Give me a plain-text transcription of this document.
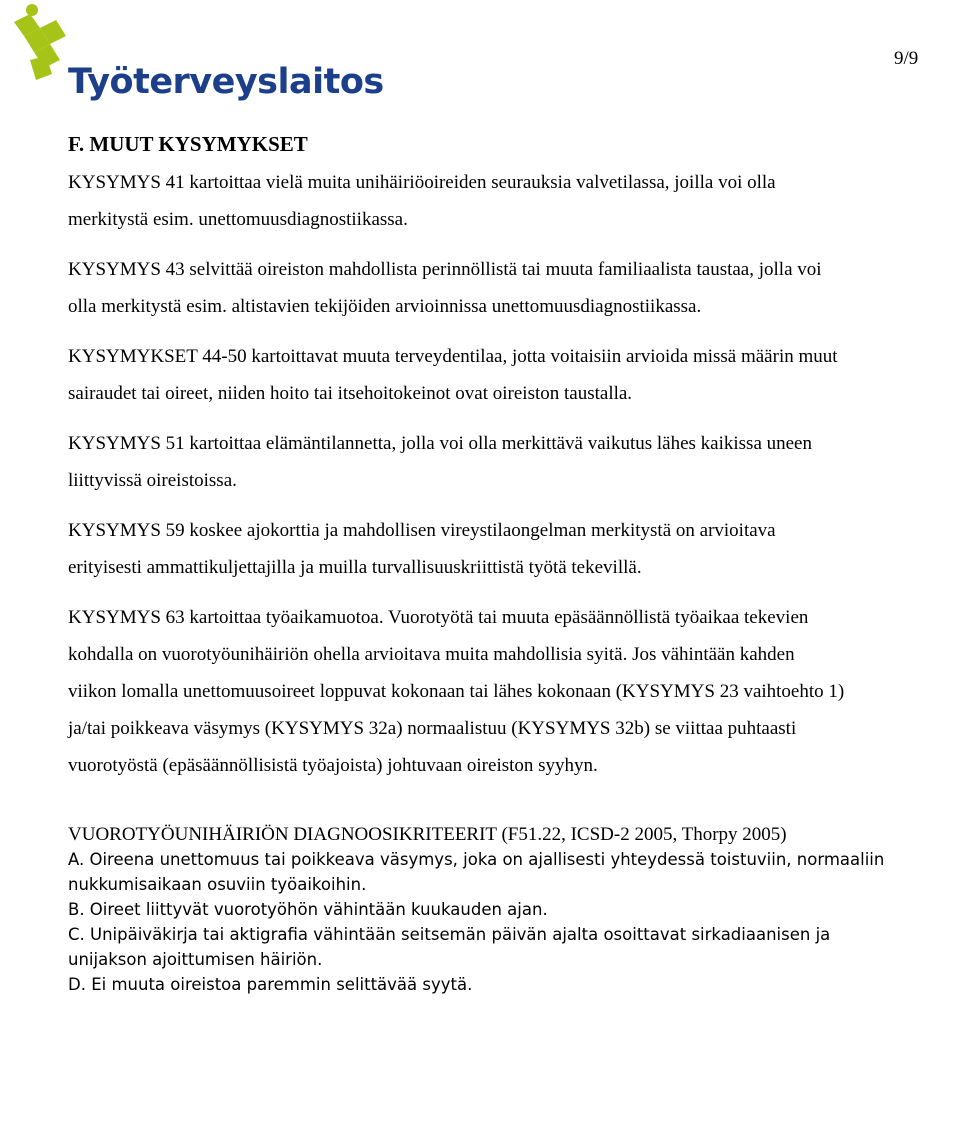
Työterveyslaitos
9/9

F. MUUT KYSYMYKSET

KYSYMYS 41 kartoittaa vielä muita unihäiriöoireiden seurauksia valvetilassa, joilla voi olla
merkitystä esim. unettomuusdiagnostiikassa.

KYSYMYS 43 selvittää oireiston mahdollista perinnöllistä tai muuta familiaalista taustaa, jolla voi
olla merkitystä esim. altistavien tekijöiden arvioinnissa unettomuusdiagnostiikassa.

KYSYMYKSET 44-50 kartoittavat muuta terveydentilaa, jotta voitaisiin arvioida missä määrin muut
sairaudet tai oireet, niiden hoito tai itsehoitokeinot ovat oireiston taustalla.

KYSYMYS 51 kartoittaa elämäntilannetta, jolla voi olla merkittävä vaikutus lähes kaikissa uneen
liittyvissä oireistoissa.

KYSYMYS 59 koskee ajokorttia ja mahdollisen vireystilaongelman merkitystä on arvioitava
erityisesti ammattikuljettajilla ja muilla turvallisuuskriittistä työtä tekevillä.

KYSYMYS 63 kartoittaa työaikamuotoa. Vuorotyötä tai muuta epäsäännöllistä työaikaa tekevien
kohdalla on vuorotyöunihäiriön ohella arvioitava muita mahdollisia syitä. Jos vähintään kahden
viikon lomalla unettomuusoireet loppuvat kokonaan tai lähes kokonaan (KYSYMYS 23 vaihtoehto 1)
ja/tai poikkeava väsymys (KYSYMYS 32a) normaalistuu (KYSYMYS 32b) se viittaa puhtaasti
vuorotyöstä (epäsäännöllisistä työajoista) johtuvaan oireiston syyhyn.

VUOROTYÖUNIHÄIRIÖN DIAGNOOSIKRITEERIT (F51.22, ICSD-2 2005, Thorpy 2005)

A. Oireena unettomuus tai poikkeava väsymys, joka on ajallisesti yhteydessä toistuviin, normaaliin

nukkumisaikaan osuviin työaikoihin.

B. Oireet liittyvät vuorotyöhön vähintään kuukauden ajan.

C. Unipäiväkirja tai aktigrafia vähintään seitsemän päivän ajalta osoittavat sirkadiaanisen ja

unijakson ajoittumisen häiriön.

D. Ei muuta oireistoa paremmin selittävää syytä.
